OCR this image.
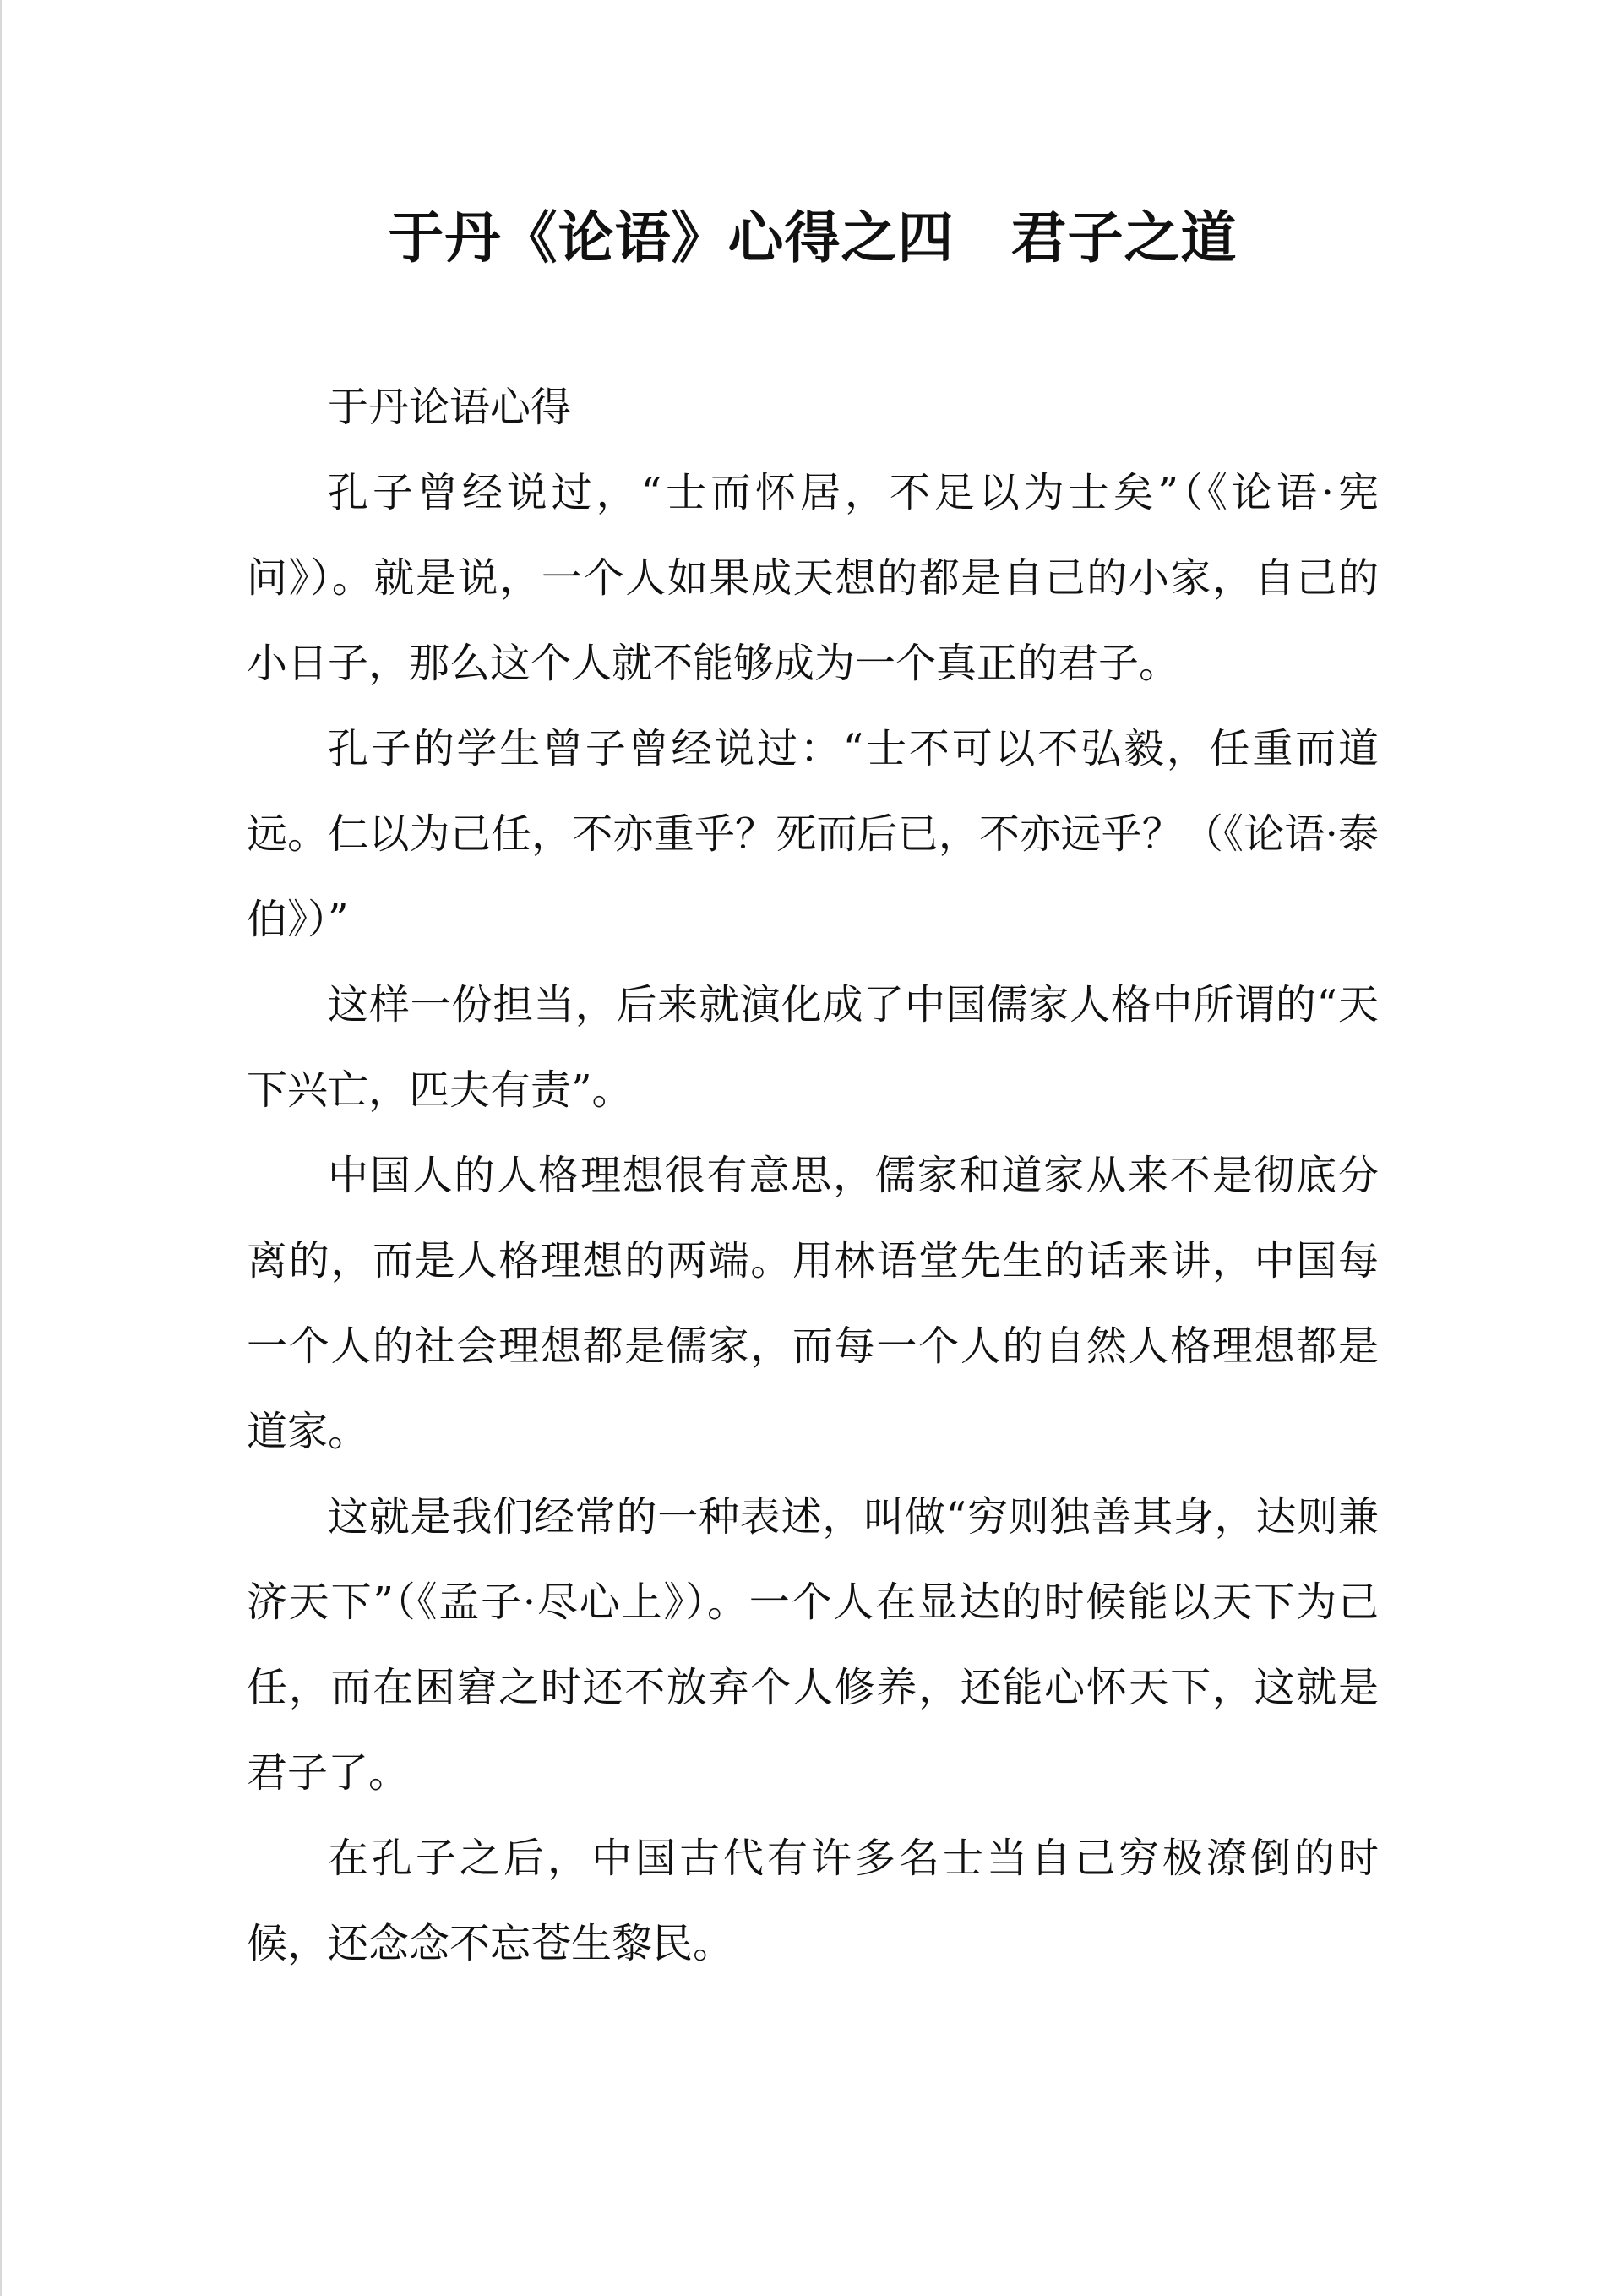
于丹《论语》心得之四　君子之道

于丹论语心得

孔子曾经说过，“士而怀居，不足以为士矣”（《论语·宪问》）。就是说，一个人如果成天想的都是自己的小家，自己的小日子，那么这个人就不能够成为一个真正的君子。

孔子的学生曾子曾经说过：“士不可以不弘毅，任重而道远。仁以为己任，不亦重乎？死而后已，不亦远乎？（《论语·泰伯》）”

这样一份担当，后来就演化成了中国儒家人格中所谓的“天下兴亡，匹夫有责”。

中国人的人格理想很有意思，儒家和道家从来不是彻底分离的，而是人格理想的两端。用林语堂先生的话来讲，中国每一个人的社会理想都是儒家，而每一个人的自然人格理想都是道家。

这就是我们经常的一种表述，叫做“穷则独善其身，达则兼济天下”（《孟子·尽心上》）。一个人在显达的时候能以天下为己任，而在困窘之时还不放弃个人修养，还能心怀天下，这就是君子了。

在孔子之后，中国古代有许多名士当自己穷极潦倒的时候，还念念不忘苍生黎民。
